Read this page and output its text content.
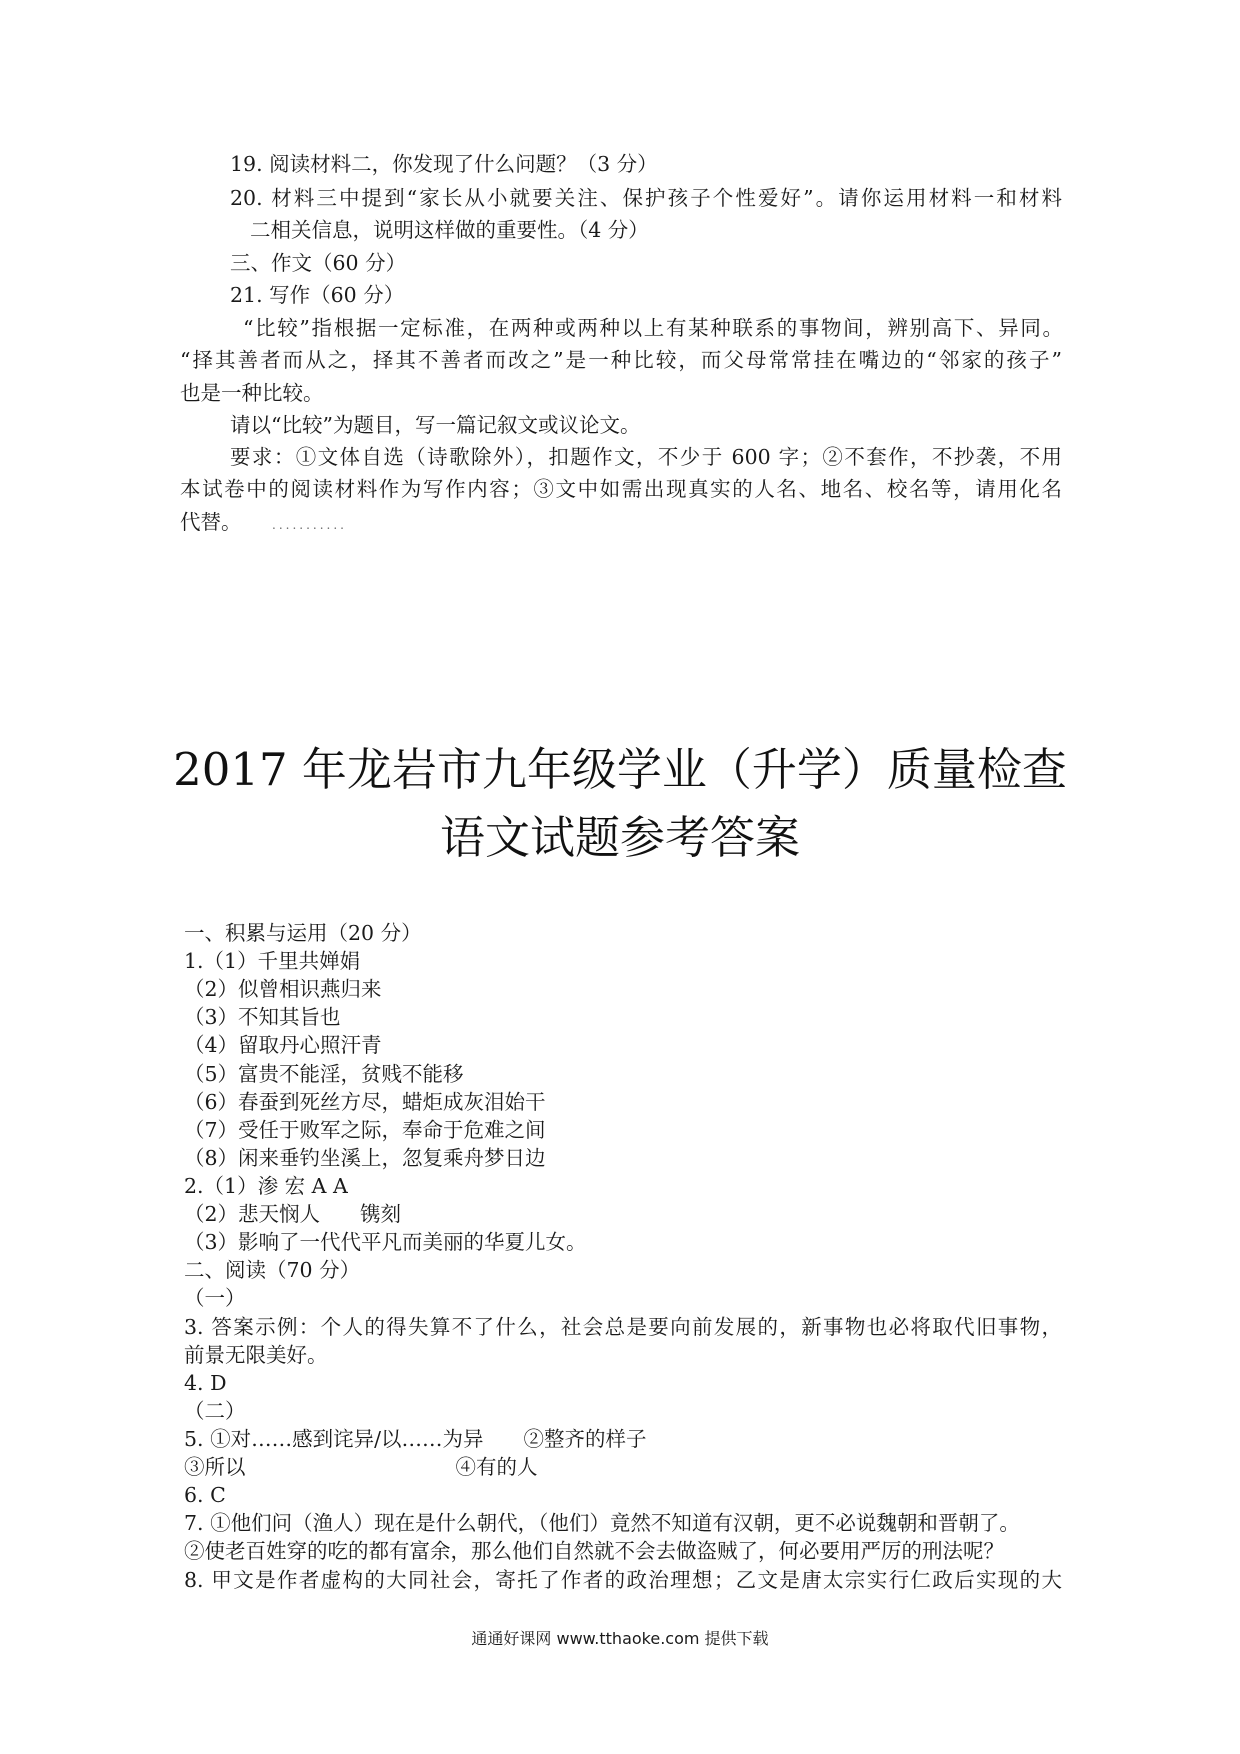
19. 阅读材料二，你发现了什么问题？（3 分）
20. 材料三中提到“家长从小就要关注、保护孩子个性爱好”。请你运用材料一和材料
二相关信息，说明这样做的重要性。（4 分）
三、作文（60 分）
21. 写作（60 分）
“比较”指根据一定标准，在两种或两种以上有某种联系的事物间，辨别高下、异同。
“择其善者而从之，择其不善者而改之”是一种比较，而父母常常挂在嘴边的“邻家的孩子”
也是一种比较。
请以“比较”为题目，写一篇记叙文或议论文。
要求：①文体自选（诗歌除外），扣题作文，不少于 600 字；②不套作，不抄袭，不用
本试卷中的阅读材料作为写作内容；③文中如需出现真实的人名、地名、校名等，请用化名
代替。	...........
2017 年龙岩市九年级学业（升学）质量检查
语文试题参考答案
一、积累与运用（20 分）
1.（1）千里共婵娟
（2）似曾相识燕归来
（3）不知其旨也
（4）留取丹心照汗青
（5）富贵不能淫，贫贱不能移
（6）春蚕到死丝方尽，蜡炬成灰泪始干
（7）受任于败军之际，奉命于危难之间
（8）闲来垂钓坐溪上，忽复乘舟梦日边
2.（1）渗 宏 A A
（2）悲天悯人 镌刻
（3）影响了一代代平凡而美丽的华夏儿女。
二、阅读（70 分）
（一）
3. 答案示例：个人的得失算不了什么，社会总是要向前发展的，新事物也必将取代旧事物，
前景无限美好。
4. D
（二）
5. ①对……感到诧异/以……为异 ②整齐的样子
③所以	④有的人
6. C
7. ①他们问（渔人）现在是什么朝代，（他们）竟然不知道有汉朝，更不必说魏朝和晋朝了。
②使老百姓穿的吃的都有富余，那么他们自然就不会去做盗贼了，何必要用严厉的刑法呢？
8. 甲文是作者虚构的大同社会，寄托了作者的政治理想；乙文是唐太宗实行仁政后实现的大
通通好课网 www.tthaoke.com 提供下载
